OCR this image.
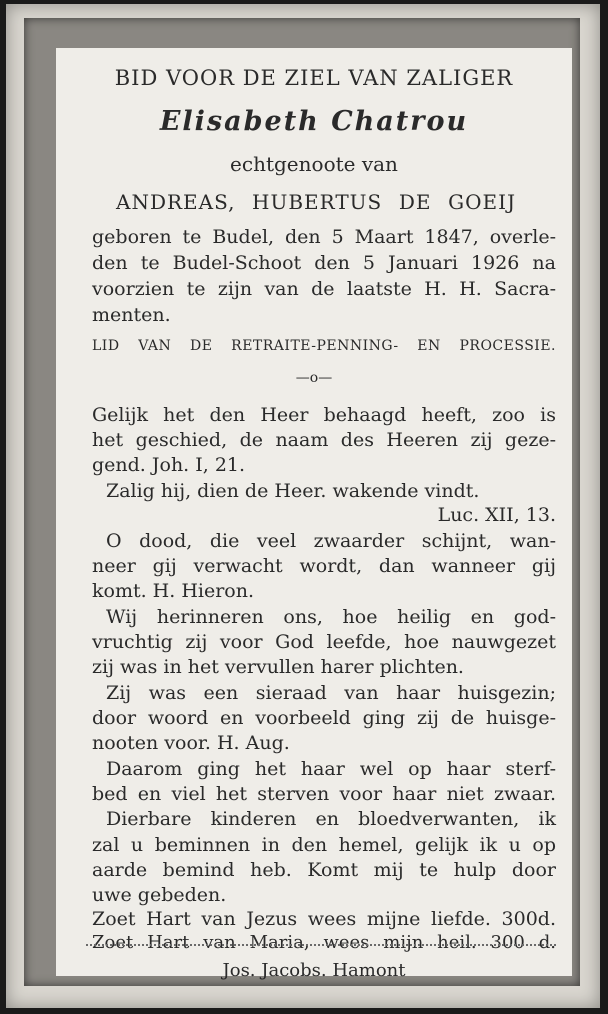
BID VOOR DE ZIEL VAN ZALIGER
Elisabeth Chatrou
echtgenoote van
ANDREAS, HUBERTUS DE GOEIJ
geboren te Budel, den 5 Maart 1847, overle-
den te Budel-Schoot den 5 Januari 1926 na
voorzien te zijn van de laatste H. H. Sacra-
menten.
LID VAN DE RETRAITE-PENNING- EN PROCESSIE.
—o—
Gelijk het den Heer behaagd heeft, zoo is
het geschied, de naam des Heeren zij geze-
gend. Joh. I, 21.
Zalig hij, dien de Heer. wakende vindt.
Luc. XII, 13.
O dood, die veel zwaarder schijnt, wan-
neer gij verwacht wordt, dan wanneer gij
komt. H. Hieron.
Wij herinneren ons, hoe heilig en god-
vruchtig zij voor God leefde, hoe nauwgezet
zij was in het vervullen harer plichten.
Zij was een sieraad van haar huisgezin;
door woord en voorbeeld ging zij de huisge-
nooten voor. H. Aug.
Daarom ging het haar wel op haar sterf-
bed en viel het sterven voor haar niet zwaar.
Dierbare kinderen en bloedverwanten, ik
zal u beminnen in den hemel, gelijk ik u op
aarde bemind heb. Komt mij te hulp door
uwe gebeden.
Zoet Hart van Jezus wees mijne liefde. 300d.
Zoet Hart van Maria, wees mijn heil. 300 d.
Jos. Jacobs. Hamont
